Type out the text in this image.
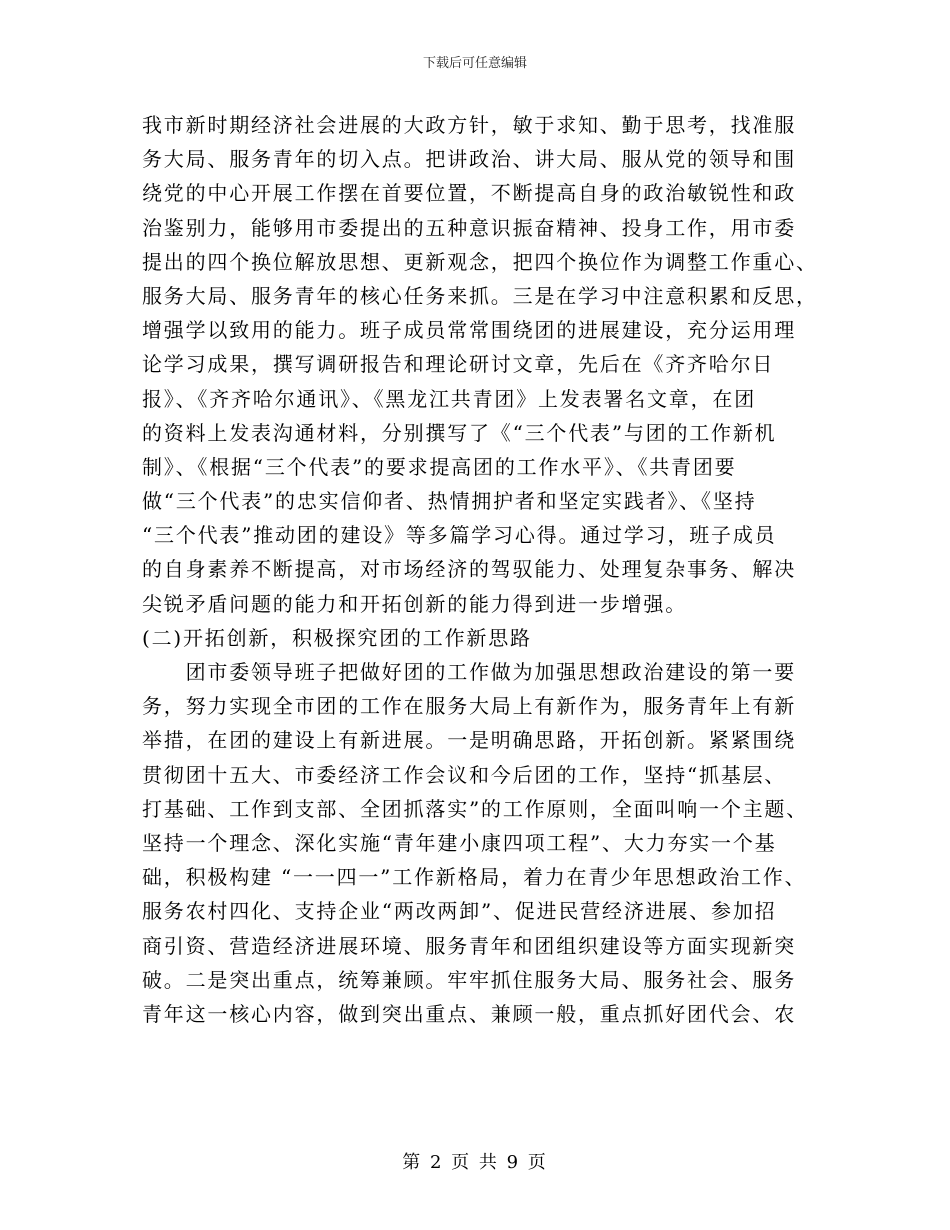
下载后可任意编辑
我市新时期经济社会进展的大政方针，敏于求知、勤于思考，找准服
务大局、服务青年的切入点。把讲政治、讲大局、服从党的领导和围
绕党的中心开展工作摆在首要位置，不断提高自身的政治敏锐性和政
治鉴别力，能够用市委提出的五种意识振奋精神、投身工作，用市委
提出的四个换位解放思想、更新观念，把四个换位作为调整工作重心、
服务大局、服务青年的核心任务来抓。三是在学习中注意积累和反思，
增强学以致用的能力。班子成员常常围绕团的进展建设，充分运用理
论学习成果，撰写调研报告和理论研讨文章，先后在《齐齐哈尔日
报》、《齐齐哈尔通讯》、《黑龙江共青团》上发表署名文章，在团
的资料上发表沟通材料，分别撰写了《“三个代表”与团的工作新机
制》、《根据“三个代表”的要求提高团的工作水平》、《共青团要
做“三个代表”的忠实信仰者、热情拥护者和坚定实践者》、《坚持
“三个代表”推动团的建设》等多篇学习心得。通过学习，班子成员
的自身素养不断提高，对市场经济的驾驭能力、处理复杂事务、解决
尖锐矛盾问题的能力和开拓创新的能力得到进一步增强。
(二)开拓创新，积极探究团的工作新思路
　　团市委领导班子把做好团的工作做为加强思想政治建设的第一要
务，努力实现全市团的工作在服务大局上有新作为，服务青年上有新
举措，在团的建设上有新进展。一是明确思路，开拓创新。紧紧围绕
贯彻团十五大、市委经济工作会议和今后团的工作，坚持“抓基层、
打基础、工作到支部、全团抓落实”的工作原则，全面叫响一个主题、
坚持一个理念、深化实施“青年建小康四项工程”、大力夯实一个基
础，积极构建 “一一四一”工作新格局，着力在青少年思想政治工作、
服务农村四化、支持企业“两改两卸”、促进民营经济进展、参加招
商引资、营造经济进展环境、服务青年和团组织建设等方面实现新突
破。二是突出重点，统筹兼顾。牢牢抓住服务大局、服务社会、服务
青年这一核心内容，做到突出重点、兼顾一般，重点抓好团代会、农
第 2 页 共 9 页
